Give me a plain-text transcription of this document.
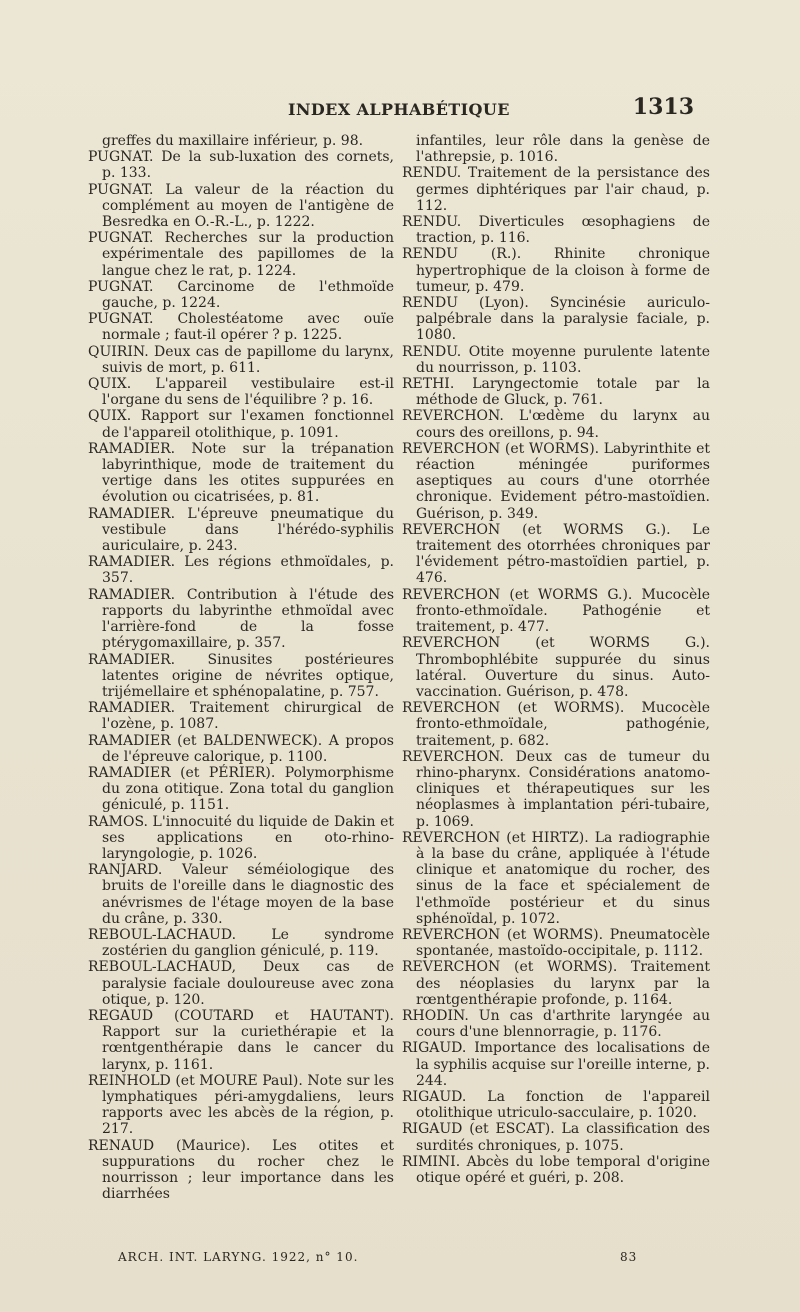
INDEX ALPHABÉTIQUE	1313

greffes du maxillaire inférieur, p. 98.

PUGNAT. De la sub-luxation des cornets, p. 133.

PUGNAT. La valeur de la réaction du complément au moyen de l'antigène de Besredka en O.-R.-L., p. 1222.

PUGNAT. Recherches sur la production expérimentale des papillomes de la langue chez le rat, p. 1224.

PUGNAT. Carcinome de l'ethmoïde gauche, p. 1224.

PUGNAT. Cholestéatome avec ouïe normale ; faut-il opérer ? p. 1225.

QUIRIN. Deux cas de papillome du larynx, suivis de mort, p. 611.

QUIX. L'appareil vestibulaire est-il l'organe du sens de l'équilibre ? p. 16.

QUIX. Rapport sur l'examen fonctionnel de l'appareil otolithique, p. 1091.

RAMADIER. Note sur la trépanation labyrinthique, mode de traitement du vertige dans les otites suppurées en évolution ou cicatrisées, p. 81.

RAMADIER. L'épreuve pneumatique du vestibule dans l'hérédo-syphilis auriculaire, p. 243.

RAMADIER. Les régions ethmoïdales, p. 357.

RAMADIER. Contribution à l'étude des rapports du labyrinthe ethmoïdal avec l'arrière-fond de la fosse ptérygomaxillaire, p. 357.

RAMADIER. Sinusites postérieures latentes origine de névrites optique, trijémellaire et sphénopalatine, p. 757.

RAMADIER. Traitement chirurgical de l'ozène, p. 1087.

RAMADIER (et BALDENWECK). A propos de l'épreuve calorique, p. 1100.

RAMADIER (et PÉRIER). Polymorphisme du zona otitique. Zona total du ganglion géniculé, p. 1151.

RAMOS. L'innocuité du liquide de Dakin et ses applications en oto-rhino-laryngologie, p. 1026.

RANJARD. Valeur séméiologique des bruits de l'oreille dans le diagnostic des anévrismes de l'étage moyen de la base du crâne, p. 330.

REBOUL-LACHAUD. Le syndrome zostérien du ganglion géniculé, p. 119.

REBOUL-LACHAUD, Deux cas de paralysie faciale douloureuse avec zona otique, p. 120.

REGAUD (COUTARD et HAUTANT). Rapport sur la curiethérapie et la rœntgenthérapie dans le cancer du larynx, p. 1161.

REINHOLD (et MOURE Paul). Note sur les lymphatiques péri-amygdaliens, leurs rapports avec les abcès de la région, p. 217.

RENAUD (Maurice). Les otites et suppurations du rocher chez le nourrisson ; leur importance dans les diarrhées

infantiles, leur rôle dans la genèse de l'athrepsie, p. 1016.

RENDU. Traitement de la persistance des germes diphtériques par l'air chaud, p. 112.

RENDU. Diverticules œsophagiens de traction, p. 116.

RENDU (R.). Rhinite chronique hypertrophique de la cloison à forme de tumeur, p. 479.

RENDU (Lyon). Syncinésie auriculo-palpébrale dans la paralysie faciale, p. 1080.

RENDU. Otite moyenne purulente latente du nourrisson, p. 1103.

RETHI. Laryngectomie totale par la méthode de Gluck, p. 761.

REVERCHON. L'œdème du larynx au cours des oreillons, p. 94.

REVERCHON (et WORMS). Labyrinthite et réaction méningée puriformes aseptiques au cours d'une otorrhée chronique. Evidement pétro-mastoïdien. Guérison, p. 349.

REVERCHON (et WORMS G.). Le traitement des otorrhées chroniques par l'évidement pétro-mastoïdien partiel, p. 476.

REVERCHON (et WORMS G.). Mucocèle fronto-ethmoïdale. Pathogénie et traitement, p. 477.

REVERCHON (et WORMS G.). Thrombophlébite suppurée du sinus latéral. Ouverture du sinus. Auto-vaccination. Guérison, p. 478.

REVERCHON (et WORMS). Mucocèle fronto-ethmoïdale, pathogénie, traitement, p. 682.

REVERCHON. Deux cas de tumeur du rhino-pharynx. Considérations anatomo-cliniques et thérapeutiques sur les néoplasmes à implantation péri-tubaire, p. 1069.

REVERCHON (et HIRTZ). La radiographie à la base du crâne, appliquée à l'étude clinique et anatomique du rocher, des sinus de la face et spécialement de l'ethmoïde postérieur et du sinus sphénoïdal, p. 1072.

REVERCHON (et WORMS). Pneumatocèle spontanée, mastoïdo-occipitale, p. 1112.

REVERCHON (et WORMS). Traitement des néoplasies du larynx par la rœntgenthérapie profonde, p. 1164.

RHODIN. Un cas d'arthrite laryngée au cours d'une blennorragie, p. 1176.

RIGAUD. Importance des localisations de la syphilis acquise sur l'oreille interne, p. 244.

RIGAUD. La fonction de l'appareil otolithique utriculo-sacculaire, p. 1020.

RIGAUD (et ESCAT). La classification des surdités chroniques, p. 1075.

RIMINI. Abcès du lobe temporal d'origine otique opéré et guéri, p. 208.

ARCH. INT. LARYNG. 1922, n° 10.	83
